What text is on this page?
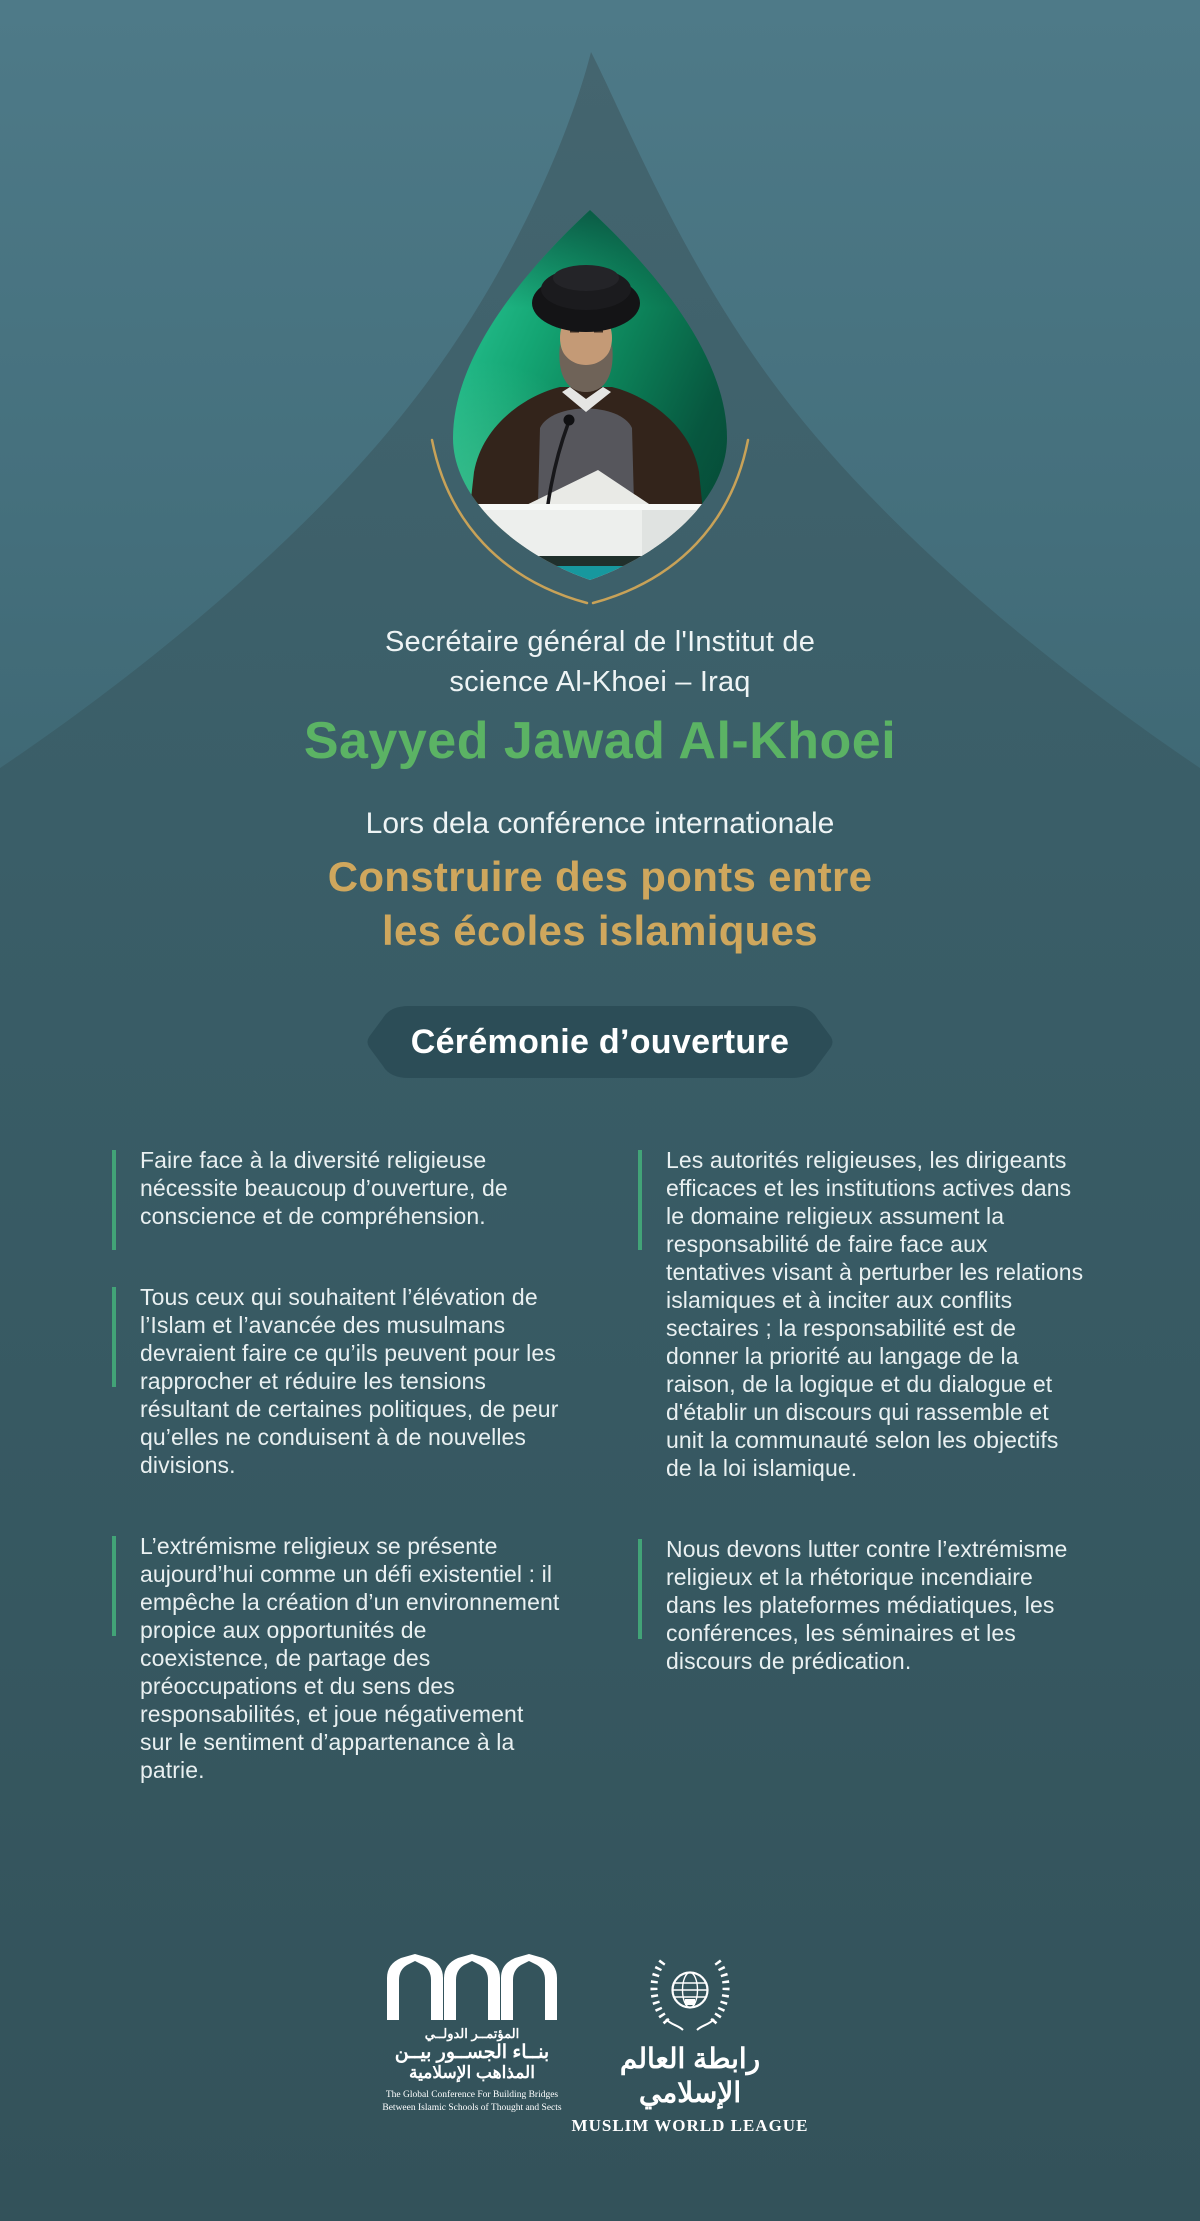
Secrétaire général de l'Institut de
science Al-Khoei – Iraq
Sayyed Jawad Al-Khoei
Lors dela conférence internationale
Construire des ponts entre
les écoles islamiques
Cérémonie d’ouverture

Faire face à la diversité religieuse nécessite beaucoup d’ouverture, de conscience et de compréhension.

Tous ceux qui souhaitent l’élévation de l’Islam et l’avancée des musulmans devraient faire ce qu’ils peuvent pour les rapprocher et réduire les tensions résultant de certaines politiques, de peur qu’elles ne conduisent à de nouvelles divisions.

L’extrémisme religieux se présente aujourd’hui comme un défi existentiel : il empêche la création d’un environnement propice aux opportunités de coexistence, de partage des préoccupations et du sens des responsabilités, et joue négativement sur le sentiment d’appartenance à la patrie.

Les autorités religieuses, les dirigeants efficaces et les institutions actives dans le domaine religieux assument la responsabilité de faire face aux tentatives visant à perturber les relations islamiques et à inciter aux conflits sectaires ; la responsabilité est de donner la priorité au langage de la raison, de la logique et du dialogue et d'établir un discours qui rassemble et unit la communauté selon les objectifs de la loi islamique.

Nous devons lutter contre l’extrémisme religieux et la rhétorique incendiaire dans les plateformes médiatiques, les conférences, les séminaires et les discours de prédication.

المؤتمــر الدولــي
بنــاء الجســور بيــن
المذاهب الإسلامية
The Global Conference For Building Bridges
Between Islamic Schools of Thought and Sects
رابطة العالم الإسلامي
MUSLIM WORLD LEAGUE
